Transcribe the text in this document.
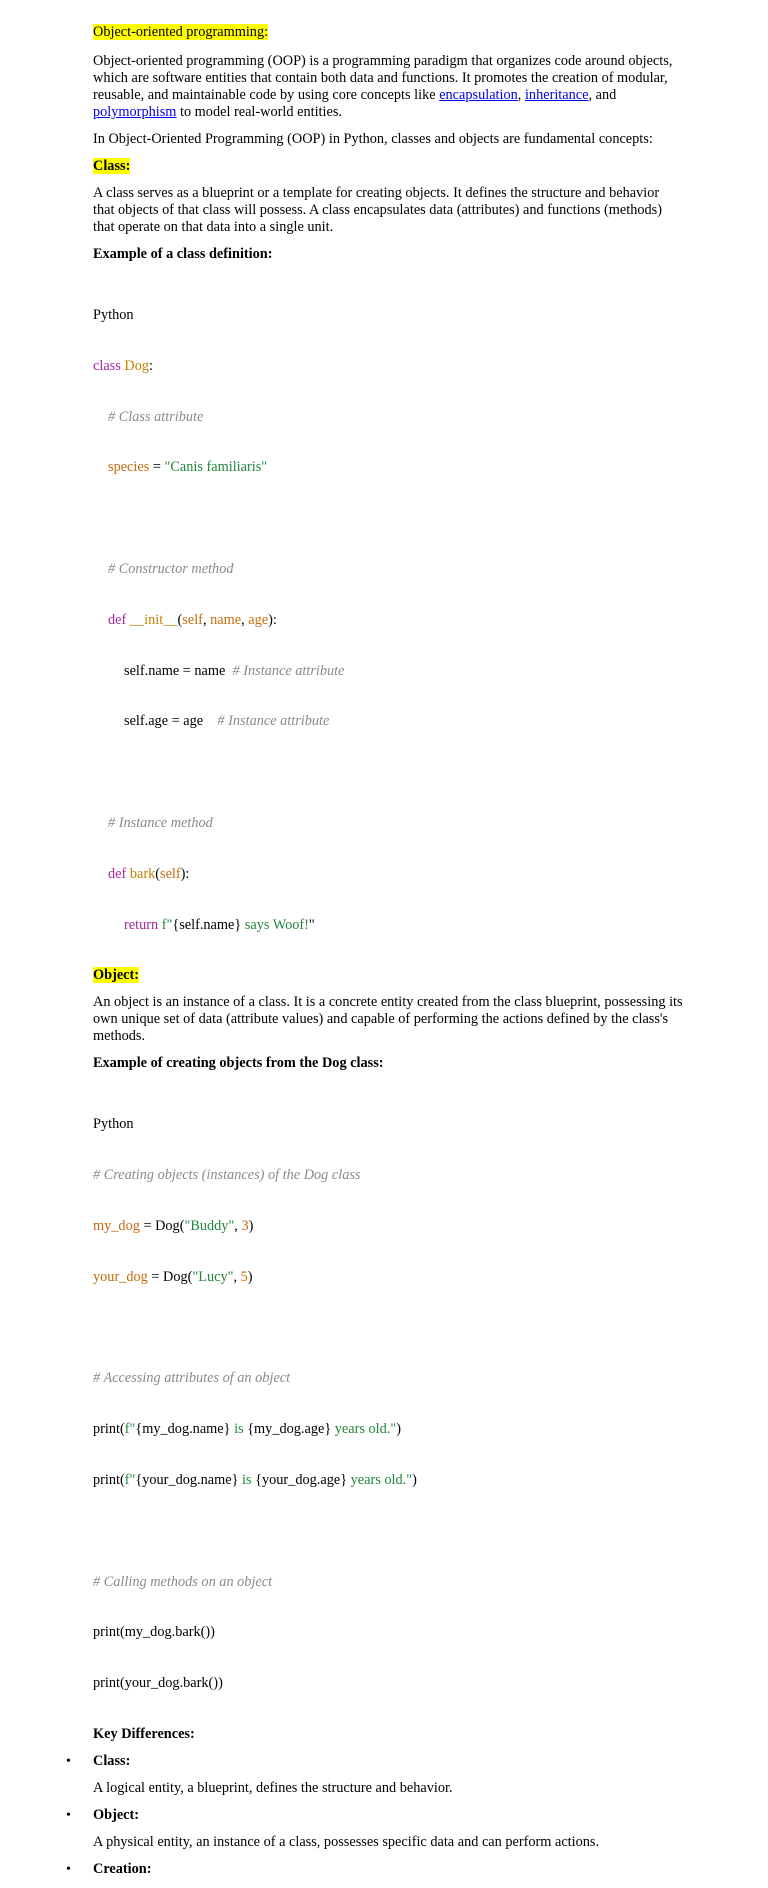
Object-oriented programming:

Object-oriented programming (OOP) is a programming paradigm that organizes code around objects, which are software entities that contain both data and functions. It promotes the creation of modular, reusable, and maintainable code by using core concepts like encapsulation, inheritance, and polymorphism to model real-world entities.

In Object-Oriented Programming (OOP) in Python, classes and objects are fundamental concepts:

Class:

A class serves as a blueprint or a template for creating objects. It defines the structure and behavior that objects of that class will possess. A class encapsulates data (attributes) and functions (methods) that operate on that data into a single unit.

Example of a class definition:

Python

class Dog:

# Class attribute

species = "Canis familiaris"

# Constructor method

def __init__(self, name, age):

self.name = name # Instance attribute

self.age = age # Instance attribute

# Instance method

def bark(self):

return f"{self.name} says Woof!"

Object:

An object is an instance of a class. It is a concrete entity created from the class blueprint, possessing its own unique set of data (attribute values) and capable of performing the actions defined by the class's methods.

Example of creating objects from the Dog class:

Python

# Creating objects (instances) of the Dog class

my_dog = Dog("Buddy", 3)

your_dog = Dog("Lucy", 5)

# Accessing attributes of an object

print(f"{my_dog.name} is {my_dog.age} years old.")

print(f"{your_dog.name} is {your_dog.age} years old.")

# Calling methods on an object

print(my_dog.bark())

print(your_dog.bark())

Key Differences:

• Class:

A logical entity, a blueprint, defines the structure and behavior.

• Object:

A physical entity, an instance of a class, possesses specific data and can perform actions.

• Creation:
